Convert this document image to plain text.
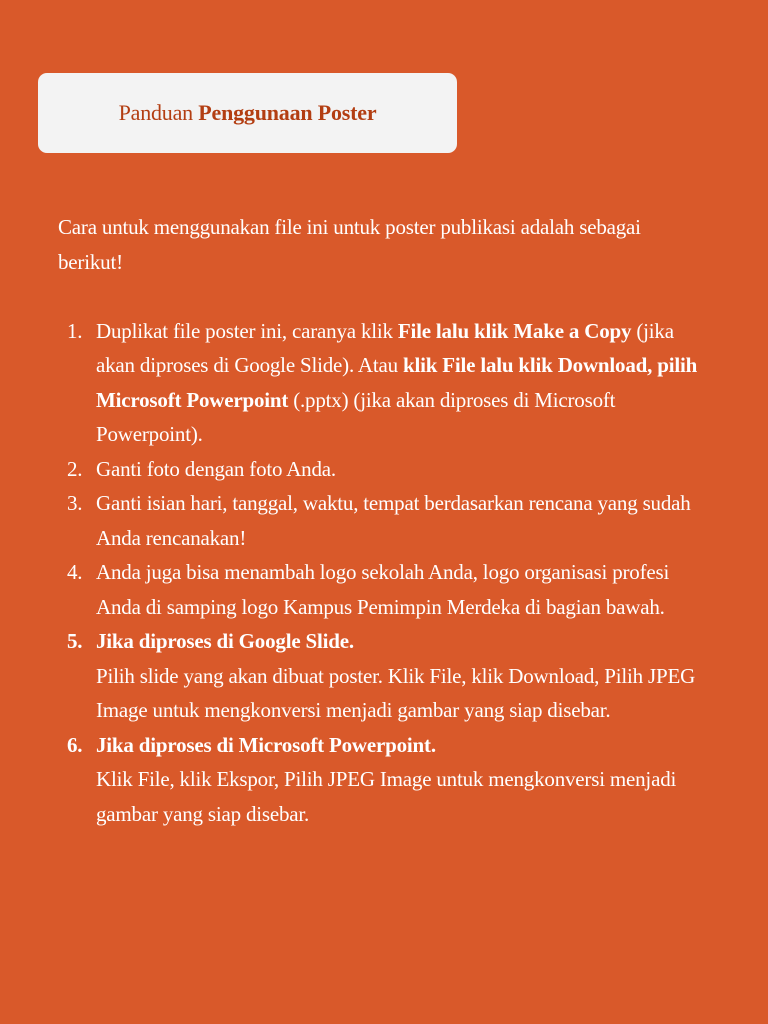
Panduan Penggunaan Poster

Cara untuk menggunakan file ini untuk poster publikasi adalah sebagai berikut!

1. Duplikat file poster ini, caranya klik File lalu klik Make a Copy (jika akan diproses di Google Slide). Atau klik File lalu klik Download, pilih Microsoft Powerpoint (.pptx) (jika akan diproses di Microsoft Powerpoint).
2. Ganti foto dengan foto Anda.
3. Ganti isian hari, tanggal, waktu, tempat berdasarkan rencana yang sudah Anda rencanakan!
4. Anda juga bisa menambah logo sekolah Anda, logo organisasi profesi Anda di samping logo Kampus Pemimpin Merdeka di bagian bawah.
5. Jika diproses di Google Slide.
Pilih slide yang akan dibuat poster. Klik File, klik Download, Pilih JPEG Image untuk mengkonversi menjadi gambar yang siap disebar.
6. Jika diproses di Microsoft Powerpoint.
Klik File, klik Ekspor, Pilih JPEG Image untuk mengkonversi menjadi gambar yang siap disebar.
